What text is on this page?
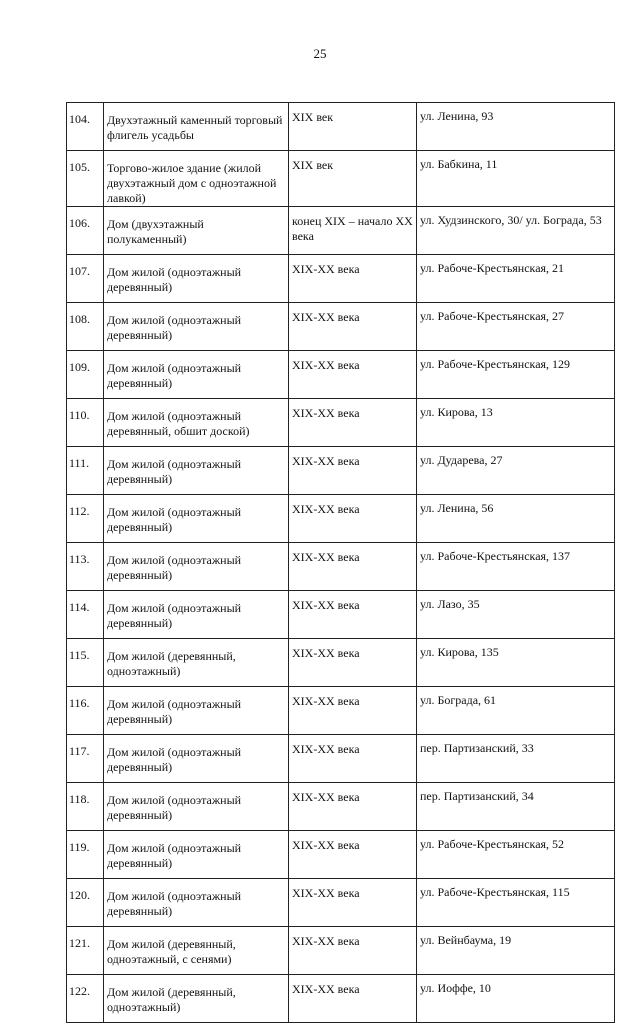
25
104.	Двухэтажный каменный торговый флигель усадьбы	XIX век	ул. Ленина, 93
105.	Торгово-жилое здание (жилой двухэтажный дом с одноэтажной лавкой)	XIX век	ул. Бабкина, 11
106.	Дом (двухэтажный полукаменный)	конец XIX – начало XX века	ул. Худзинского, 30/ ул. Бограда, 53
107.	Дом жилой (одноэтажный деревянный)	XIX-XX века	ул. Рабоче-Крестьянская, 21
108.	Дом жилой (одноэтажный деревянный)	XIX-XX века	ул. Рабоче-Крестьянская, 27
109.	Дом жилой (одноэтажный деревянный)	XIX-XX века	ул. Рабоче-Крестьянская, 129
110.	Дом жилой (одноэтажный деревянный, обшит доской)	XIX-XX века	ул. Кирова, 13
111.	Дом жилой (одноэтажный деревянный)	XIX-XX века	ул. Дударева, 27
112.	Дом жилой (одноэтажный деревянный)	XIX-XX века	ул. Ленина, 56
113.	Дом жилой (одноэтажный деревянный)	XIX-XX века	ул. Рабоче-Крестьянская, 137
114.	Дом жилой (одноэтажный деревянный)	XIX-XX века	ул. Лазо, 35
115.	Дом жилой (деревянный, одноэтажный)	XIX-XX века	ул. Кирова, 135
116.	Дом жилой (одноэтажный деревянный)	XIX-XX века	ул. Бограда, 61
117.	Дом жилой (одноэтажный деревянный)	XIX-XX века	пер. Партизанский, 33
118.	Дом жилой (одноэтажный деревянный)	XIX-XX века	пер. Партизанский, 34
119.	Дом жилой (одноэтажный деревянный)	XIX-XX века	ул. Рабоче-Крестьянская, 52
120.	Дом жилой (одноэтажный деревянный)	XIX-XX века	ул. Рабоче-Крестьянская, 115
121.	Дом жилой (деревянный, одноэтажный, с сенями)	XIX-XX века	ул. Вейнбаума, 19
122.	Дом жилой (деревянный, одноэтажный)	XIX-XX века	ул. Иоффе, 10
